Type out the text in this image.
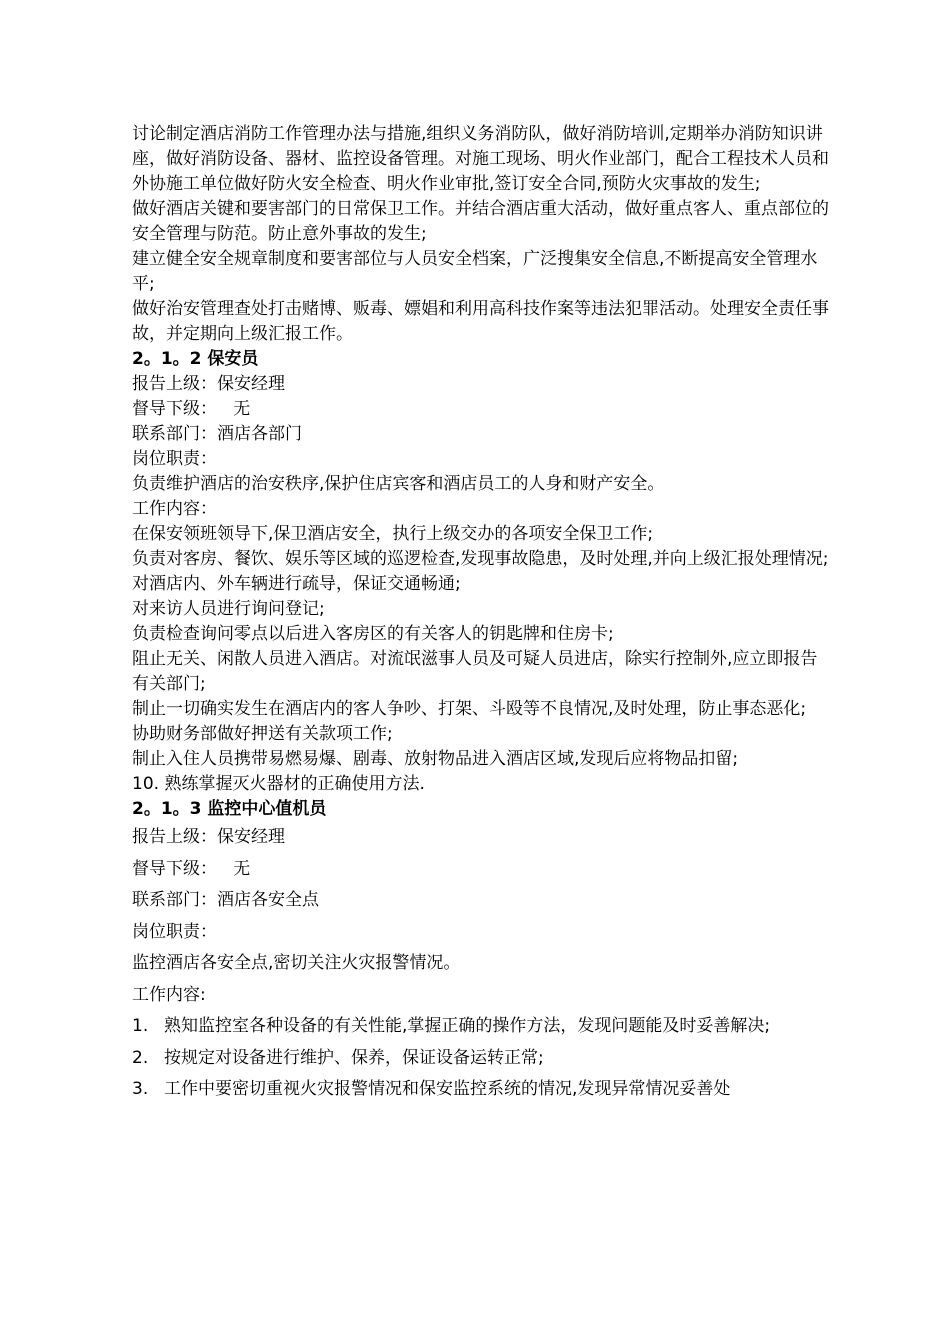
讨论制定酒店消防工作管理办法与措施,组织义务消防队，做好消防培训,定期举办消防知识讲座，做好消防设备、器材、监控设备管理。对施工现场、明火作业部门，配合工程技术人员和外协施工单位做好防火安全检查、明火作业审批,签订安全合同,预防火灾事故的发生;

做好酒店关键和要害部门的日常保卫工作。并结合酒店重大活动，做好重点客人、重点部位的安全管理与防范。防止意外事故的发生;

建立健全安全规章制度和要害部位与人员安全档案，广泛搜集安全信息,不断提高安全管理水平;

做好治安管理查处打击赌博、贩毒、嫖娼和利用高科技作案等违法犯罪活动。处理安全责任事故，并定期向上级汇报工作。

2。1。2 保安员

报告上级：保安经理

督导下级：   无

联系部门：酒店各部门

岗位职责：

负责维护酒店的治安秩序,保护住店宾客和酒店员工的人身和财产安全。

工作内容：

在保安领班领导下,保卫酒店安全，执行上级交办的各项安全保卫工作;

负责对客房、餐饮、娱乐等区域的巡逻检查,发现事故隐患，及时处理,并向上级汇报处理情况;

对酒店内、外车辆进行疏导，保证交通畅通;

对来访人员进行询问登记;

负责检查询问零点以后进入客房区的有关客人的钥匙牌和住房卡;

阻止无关、闲散人员进入酒店。对流氓滋事人员及可疑人员进店，除实行控制外,应立即报告有关部门;

制止一切确实发生在酒店内的客人争吵、打架、斗殴等不良情况,及时处理，防止事态恶化;

协助财务部做好押送有关款项工作;

制止入住人员携带易燃易爆、剧毒、放射物品进入酒店区域,发现后应将物品扣留;

10. 熟练掌握灭火器材的正确使用方法.

2。1。3 监控中心值机员

报告上级：保安经理

督导下级：   无

联系部门：酒店各安全点

岗位职责：

监控酒店各安全点,密切关注火灾报警情况。

工作内容:

1. 熟知监控室各种设备的有关性能,掌握正确的操作方法，发现问题能及时妥善解决;
2. 按规定对设备进行维护、保养，保证设备运转正常;
3. 工作中要密切重视火灾报警情况和保安监控系统的情况,发现异常情况妥善处
